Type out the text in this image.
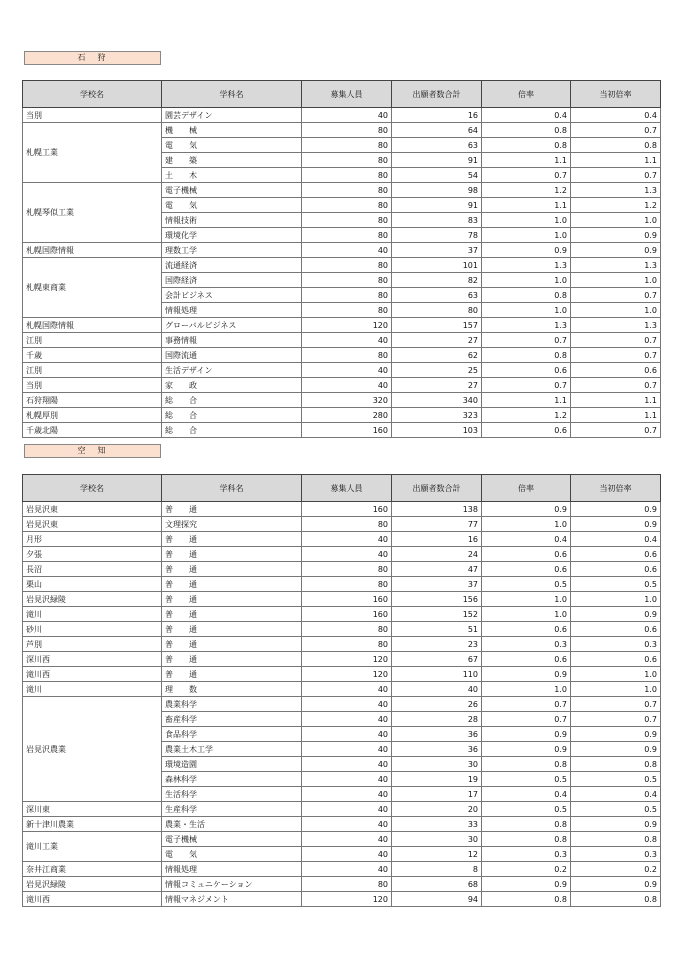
石　狩
学校名	学科名	募集人員	出願者数合計	倍率	当初倍率
当別	園芸デザイン	40	16	0.4	0.4
札幌工業	機　　械	80	64	0.8	0.7
	電　　気	80	63	0.8	0.8
	建　　築	80	91	1.1	1.1
	土　　木	80	54	0.7	0.7
札幌琴似工業	電子機械	80	98	1.2	1.3
	電　　気	80	91	1.1	1.2
	情報技術	80	83	1.0	1.0
	環境化学	80	78	1.0	0.9
札幌国際情報	理数工学	40	37	0.9	0.9
札幌東商業	流通経済	80	101	1.3	1.3
	国際経済	80	82	1.0	1.0
	会計ビジネス	80	63	0.8	0.7
	情報処理	80	80	1.0	1.0
札幌国際情報	グローバルビジネス	120	157	1.3	1.3
江別	事務情報	40	27	0.7	0.7
千歳	国際流通	80	62	0.8	0.7
江別	生活デザイン	40	25	0.6	0.6
当別	家　　政	40	27	0.7	0.7
石狩翔陽	総　　合	320	340	1.1	1.1
札幌厚別	総　　合	280	323	1.2	1.1
千歳北陽	総　　合	160	103	0.6	0.7
空　知
学校名	学科名	募集人員	出願者数合計	倍率	当初倍率
岩見沢東	普　　通	160	138	0.9	0.9
岩見沢東	文理探究	80	77	1.0	0.9
月形	普　　通	40	16	0.4	0.4
夕張	普　　通	40	24	0.6	0.6
長沼	普　　通	80	47	0.6	0.6
栗山	普　　通	80	37	0.5	0.5
岩見沢緑陵	普　　通	160	156	1.0	1.0
滝川	普　　通	160	152	1.0	0.9
砂川	普　　通	80	51	0.6	0.6
芦別	普　　通	80	23	0.3	0.3
深川西	普　　通	120	67	0.6	0.6
滝川西	普　　通	120	110	0.9	1.0
滝川	理　　数	40	40	1.0	1.0
岩見沢農業	農業科学	40	26	0.7	0.7
	畜産科学	40	28	0.7	0.7
	食品科学	40	36	0.9	0.9
	農業土木工学	40	36	0.9	0.9
	環境造園	40	30	0.8	0.8
	森林科学	40	19	0.5	0.5
	生活科学	40	17	0.4	0.4
深川東	生産科学	40	20	0.5	0.5
新十津川農業	農業・生活	40	33	0.8	0.9
滝川工業	電子機械	40	30	0.8	0.8
	電　　気	40	12	0.3	0.3
奈井江商業	情報処理	40	8	0.2	0.2
岩見沢緑陵	情報コミュニケーション	80	68	0.9	0.9
滝川西	情報マネジメント	120	94	0.8	0.8
